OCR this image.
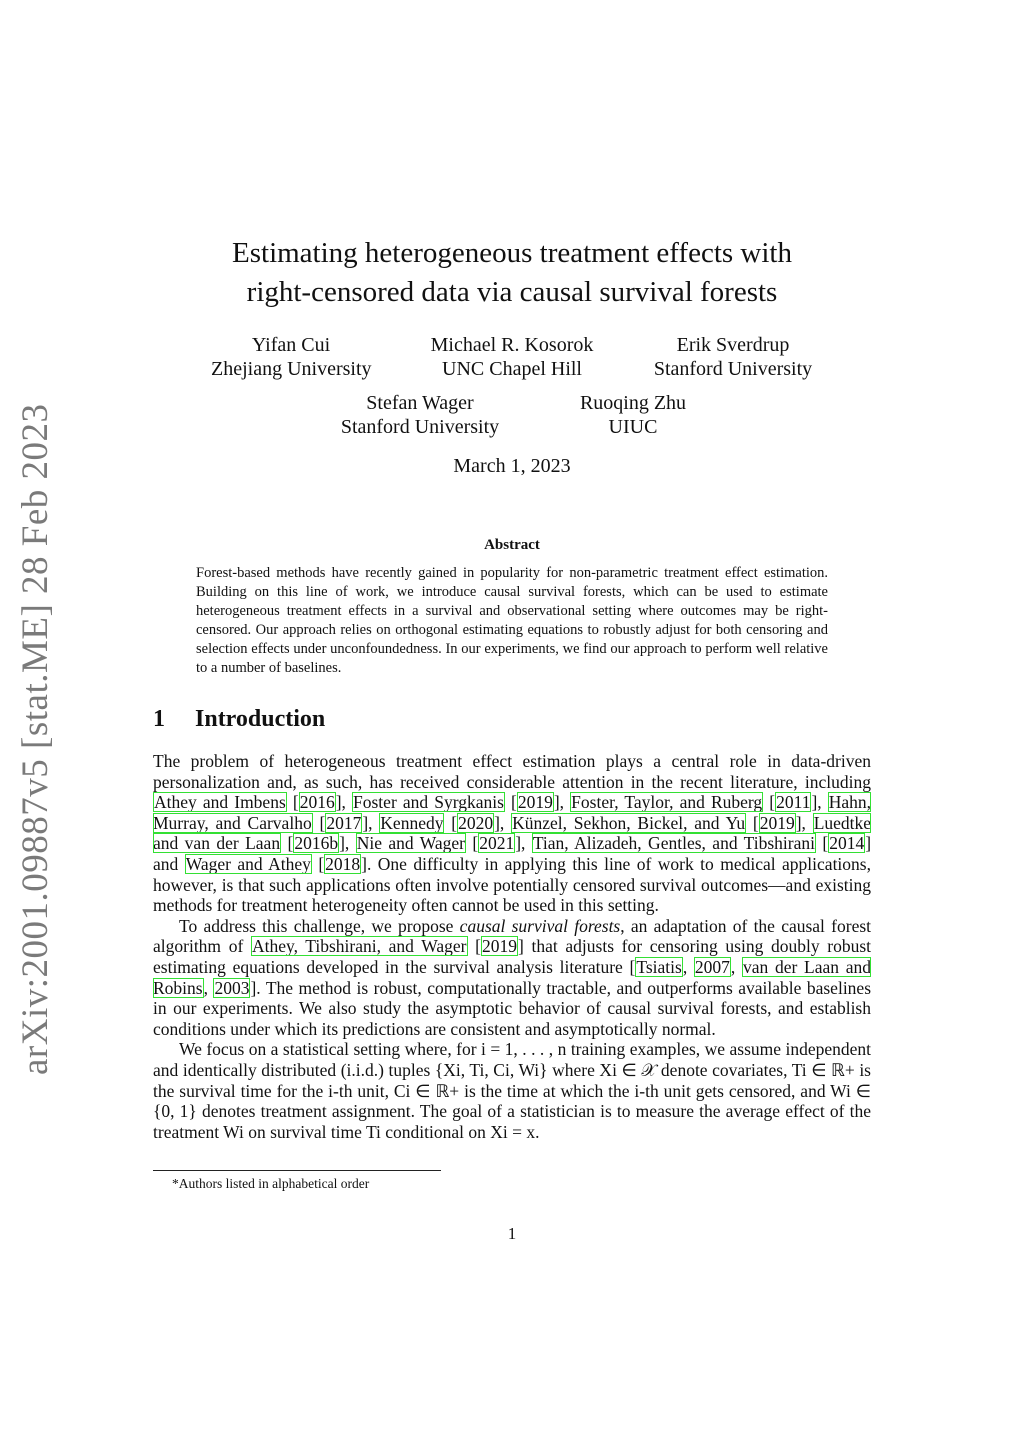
arXiv:2001.09887v5 [stat.ME] 28 Feb 2023
Estimating heterogeneous treatment effects with
right-censored data via causal survival forests
Yifan Cui
Zhejiang University
Michael R. Kosorok
UNC Chapel Hill
Erik Sverdrup
Stanford University
Stefan Wager
Stanford University
Ruoqing Zhu
UIUC
March 1, 2023
Abstract

Forest-based methods have recently gained in popularity for non-parametric treatment effect estimation. Building on this line of work, we introduce causal survival forests, which can be used to estimate heterogeneous treatment effects in a survival and observational setting where outcomes may be right-censored. Our approach relies on orthogonal estimating equations to robustly adjust for both censoring and selection effects under unconfoundedness. In our experiments, we find our approach to perform well relative to a number of baselines.

1 Introduction

The problem of heterogeneous treatment effect estimation plays a central role in data-driven personalization and, as such, has received considerable attention in the recent literature, including Athey and Imbens [2016], Foster and Syrgkanis [2019], Foster, Taylor, and Ruberg [2011], Hahn, Murray, and Carvalho [2017], Kennedy [2020], Künzel, Sekhon, Bickel, and Yu [2019], Luedtke and van der Laan [2016b], Nie and Wager [2021], Tian, Alizadeh, Gentles, and Tibshirani [2014] and Wager and Athey [2018]. One difficulty in applying this line of work to medical applications, however, is that such applications often involve potentially censored survival outcomes—and existing methods for treatment heterogeneity often cannot be used in this setting.

To address this challenge, we propose causal survival forests, an adaptation of the causal forest algorithm of Athey, Tibshirani, and Wager [2019] that adjusts for censoring using doubly robust estimating equations developed in the survival analysis literature [Tsiatis, 2007, van der Laan and Robins, 2003]. The method is robust, computationally tractable, and outperforms available baselines in our experiments. We also study the asymptotic behavior of causal survival forests, and establish conditions under which its predictions are consistent and asymptotically normal.

We focus on a statistical setting where, for i = 1, . . . , n training examples, we assume independent and identically distributed (i.i.d.) tuples {Xi, Ti, Ci, Wi} where Xi ∈ 𝒳 denote covariates, Ti ∈ ℝ+ is the survival time for the i-th unit, Ci ∈ ℝ+ is the time at which the i-th unit gets censored, and Wi ∈ {0, 1} denotes treatment assignment. The goal of a statistician is to measure the average effect of the treatment Wi on survival time Ti conditional on Xi = x.

*Authors listed in alphabetical order
1
